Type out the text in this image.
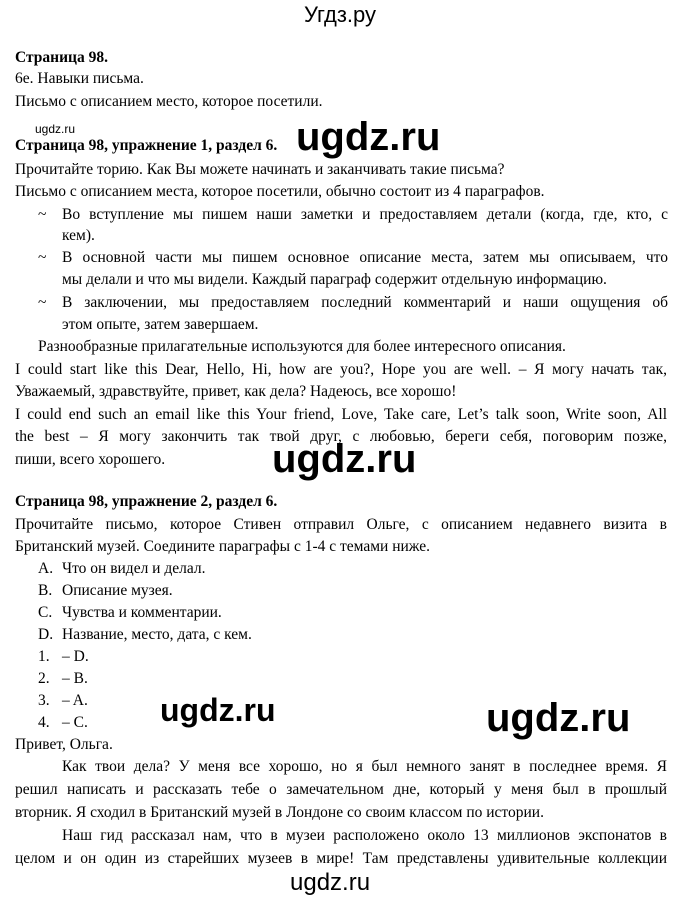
Угдз.ру
Страница 98.
6е. Навыки письма.
Письмо с описанием место, которое посетили.
ugdz.ru	ugdz.ru
Страница 98, упражнение 1, раздел 6.
Прочитайте торию. Как Вы можете начинать и заканчивать такие письма?
Письмо с описанием места, которое посетили, обычно состоит из 4 параграфов.
~ Во вступление мы пишем наши заметки и предоставляем детали (когда, где, кто, с
кем).
~ В основной части мы пишем основное описание места, затем мы описываем, что
мы делали и что мы видели. Каждый параграф содержит отдельную информацию.
~ В заключении, мы предоставляем последний комментарий и наши ощущения об
этом опыте, затем завершаем.
Разнообразные прилагательные используются для более интересного описания.
I could start like this Dear, Hello, Hi, how are you?, Hope you are well. – Я могу начать так,
Уважаемый, здравствуйте, привет, как дела? Надеюсь, все хорошо!
I could end such an email like this Your friend, Love, Take care, Let’s talk soon, Write soon, All
the best – Я могу закончить так твой друг, с любовью, береги себя, поговорим позже,
пиши, всего хорошего.	ugdz.ru
Страница 98, упражнение 2, раздел 6.
Прочитайте письмо, которое Стивен отправил Ольге, с описанием недавнего визита в
Британский музей. Соедините параграфы с 1-4 с темами ниже.
A. Что он видел и делал.
B. Описание музея.
C. Чувства и комментарии.
D. Название, место, дата, с кем.
1. – D.
2. – B.
3. – A.
4. – C. ugdz.ru	ugdz.ru
Привет, Ольга.
Как твои дела? У меня все хорошо, но я был немного занят в последнее время. Я
решил написать и рассказать тебе о замечательном дне, который у меня был в прошлый
вторник. Я сходил в Британский музей в Лондоне со своим классом по истории.
Наш гид рассказал нам, что в музеи расположено около 13 миллионов экспонатов в
целом и он один из старейших музеев в мире! Там представлены удивительные коллекции
ugdz.ru
